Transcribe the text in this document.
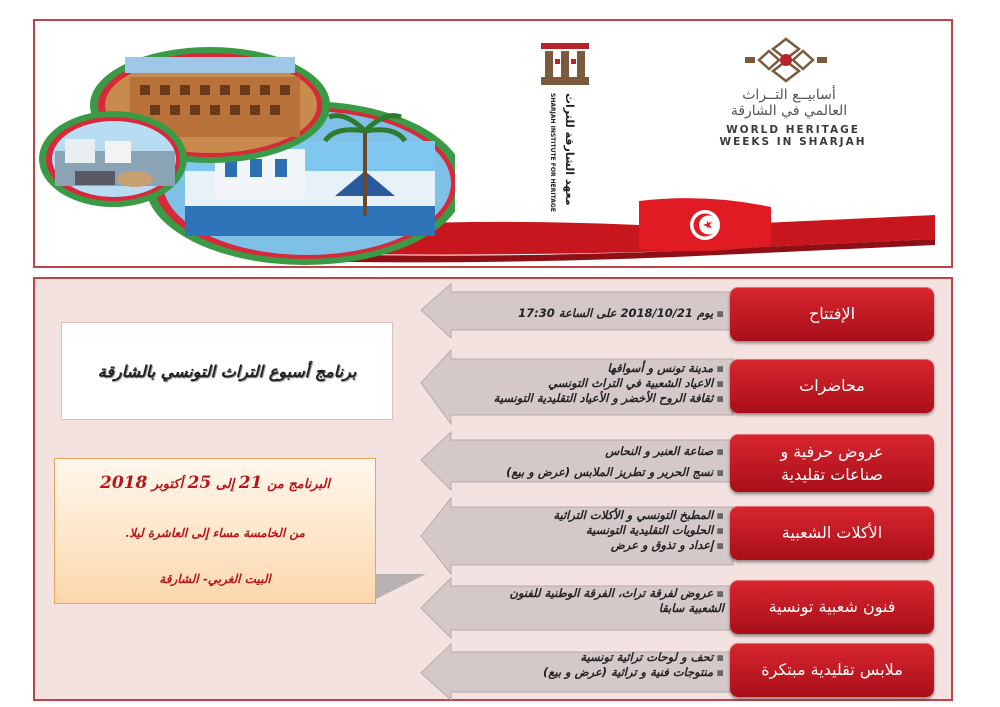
معهد الشارقة للتراث
SHARJAH INSTITUTE FOR HERITAGE	أسابيــع التــراث
العالمي في الشارقة
WORLD HERITAGE
WEEKS IN SHARJAH
برنامج أسبوع التراث التونسي بالشارقة
البرنامج من 21 إلى 25 أكتوبر 2018
من الخامسة مساء إلى العاشرة ليلا.
البيت الغربي- الشارقة
الإفتتاح
محاضرات
عروض حرفية و صناعات تقليدية
الأكلات الشعبية
فنون شعبية تونسية
ملابس تقليدية مبتكرة
▪يوم 2018/10/21 على الساعة 17:30
▪مدينة تونس و أسواقها
▪الاعياد الشعبية في التراث التونسي
▪ثقافة الروح الأخضر و الأعياد التقليدية التونسية
▪صناعة العنبر و النحاس
▪نسج الحرير و تطريز الملابس (عرض و بيع)
▪المطبخ التونسي و الأكلات التراثية
▪الحلويات التقليدية التونسية
▪إعداد و تذوق و عرض
▪عروض لفرقة تراث، الفرقة الوطنية للفنون الشعبية سابقا
▪تحف و لوحات تراثية تونسية
▪منتوجات فنية و تراثية (عرض و بيع)
